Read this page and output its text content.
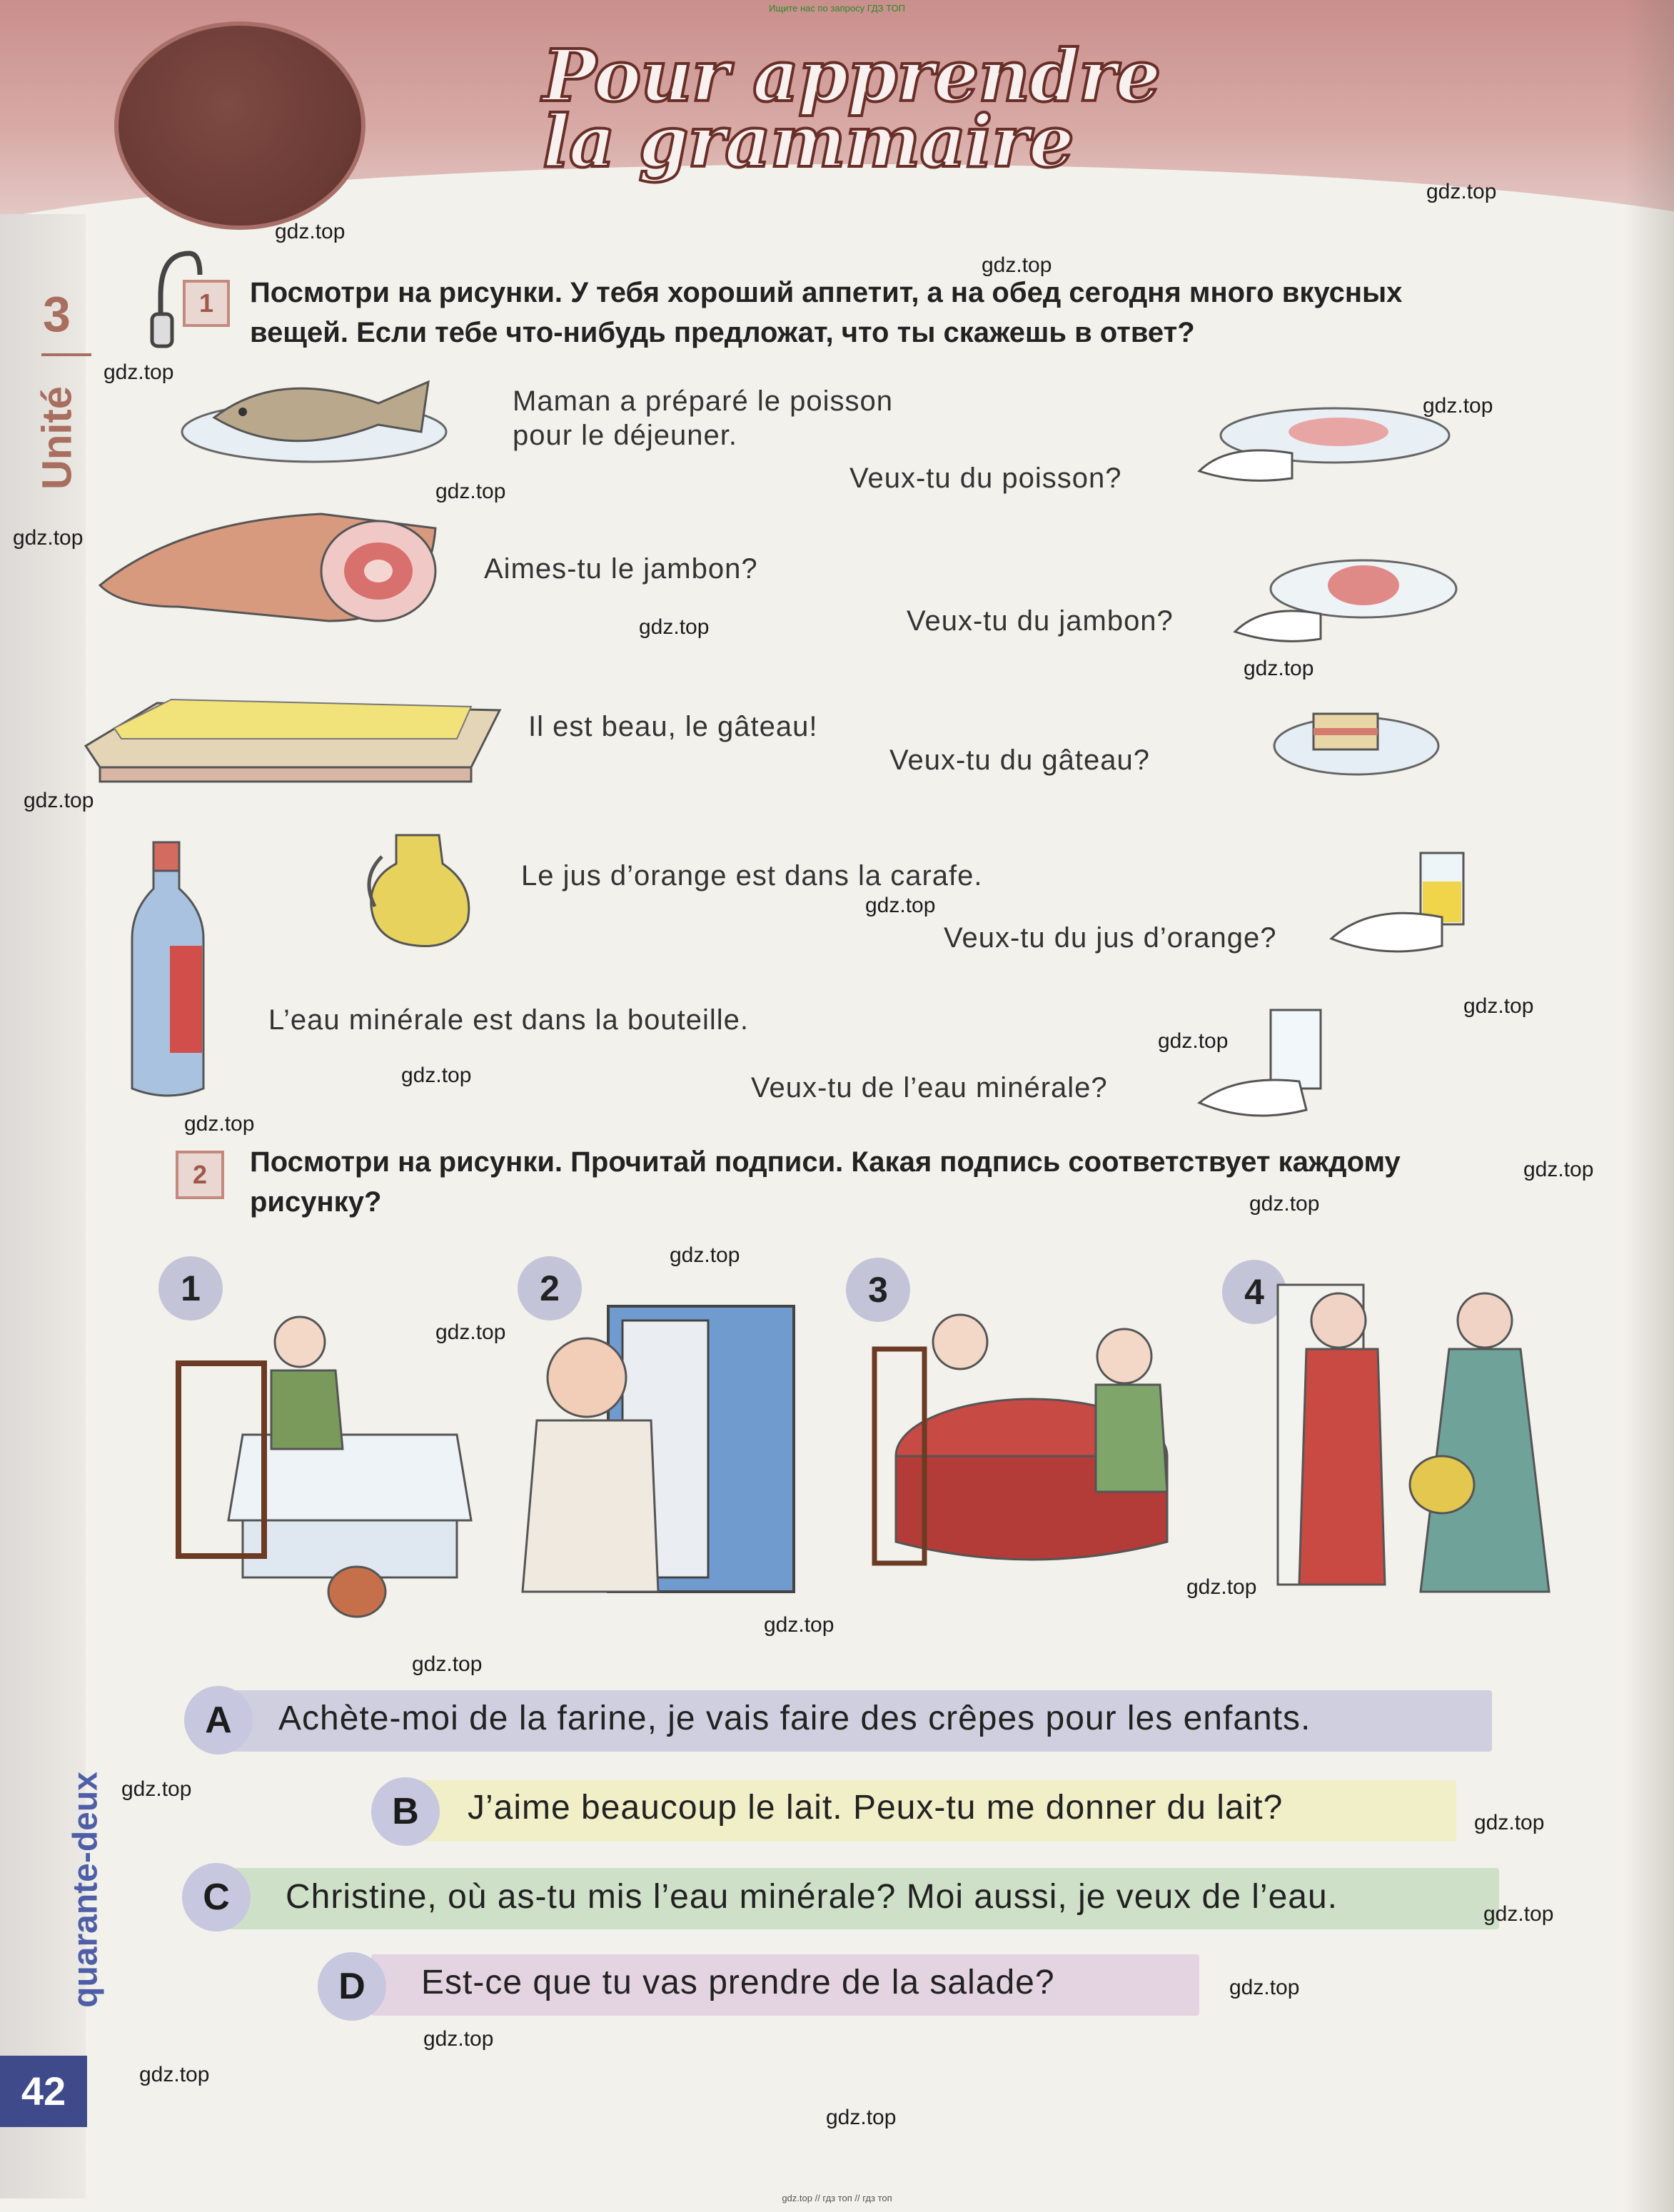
Ищите нас по запросу ГДЗ ТОП
Pour apprendre
la grammaire
3
Unité
1	Посмотри на рисунки. У тебя хороший аппетит, а на обед сегодня много вкусных вещей. Если тебе что-нибудь предложат, что ты скажешь в ответ?
Maman a préparé le poisson
pour le déjeuner.
Veux-tu du poisson?
Aimes-tu le jambon?
Veux-tu du jambon?
Il est beau, le gâteau!
Veux-tu du gâteau?
Le jus d’orange est dans la carafe.
Veux-tu du jus d’orange?
L’eau minérale est dans la bouteille.
Veux-tu de l’eau minérale?
2	Посмотри на рисунки. Прочитай подписи. Какая подпись соответствует каждому рисунку?
1	2	3	4
A	Achète-moi de la farine, je vais faire des crêpes pour les enfants.
B	J’aime beaucoup le lait. Peux-tu me donner du lait?
C	Christine, où as-tu mis l’eau minérale? Moi aussi, je veux de l’eau.
D	Est-ce que tu vas prendre de la salade?
quarante-deux
42
gdz.top
gdz.top
gdz.top
gdz.top
gdz.top
gdz.top
gdz.top
gdz.top
gdz.top
gdz.top
gdz.top
gdz.top
gdz.top
gdz.top
gdz.top
gdz.top
gdz.top
gdz.top
gdz.top
gdz.top
gdz.top
gdz.top
gdz.top
gdz.top
gdz.top
gdz.top
gdz.top
gdz.top
gdz.top
gdz.top // гдз топ // гдз топ
